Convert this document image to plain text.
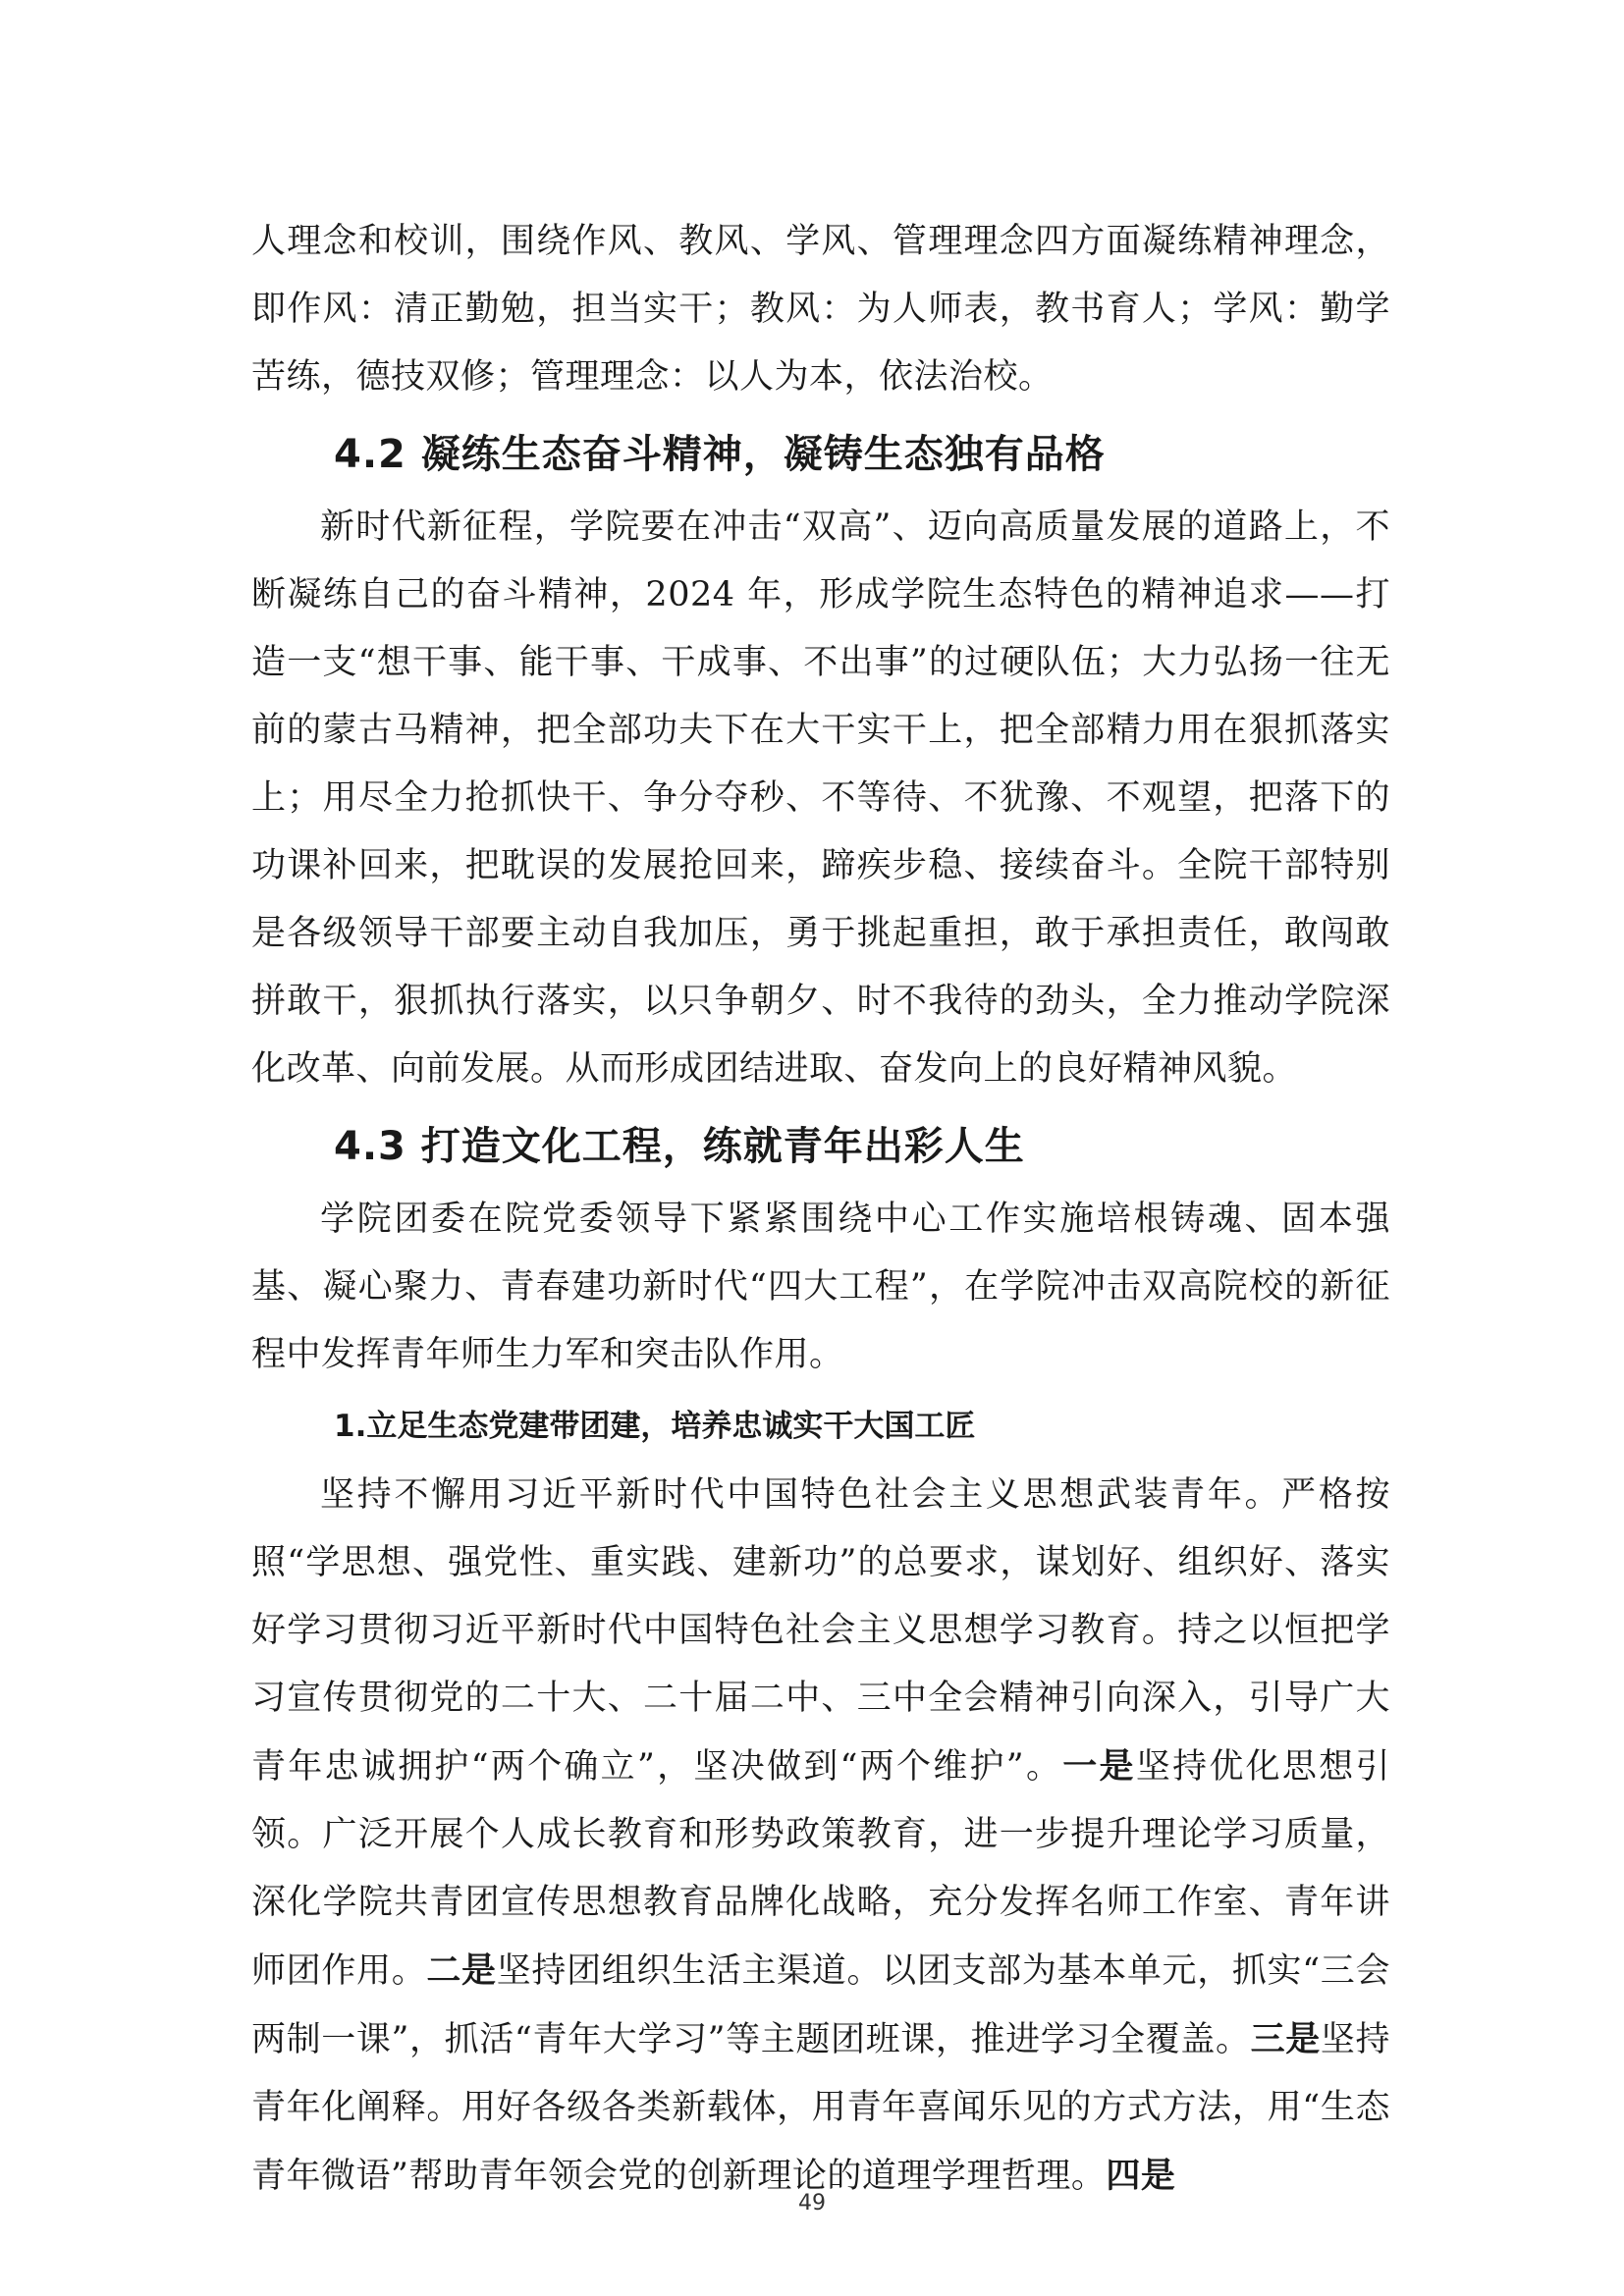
人理念和校训，围绕作风、教风、学风、管理理念四方面凝练精神理念，即作风：清正勤勉，担当实干；教风：为人师表，教书育人；学风：勤学苦练，德技双修；管理理念：以人为本，依法治校。

4.2 凝练生态奋斗精神，凝铸生态独有品格

新时代新征程，学院要在冲击“双高”、迈向高质量发展的道路上，不断凝练自己的奋斗精神，2024 年，形成学院生态特色的精神追求——打造一支“想干事、能干事、干成事、不出事”的过硬队伍；大力弘扬一往无前的蒙古马精神，把全部功夫下在大干实干上，把全部精力用在狠抓落实上；用尽全力抢抓快干、争分夺秒、不等待、不犹豫、不观望，把落下的功课补回来，把耽误的发展抢回来，蹄疾步稳、接续奋斗。全院干部特别是各级领导干部要主动自我加压，勇于挑起重担，敢于承担责任，敢闯敢拼敢干，狠抓执行落实，以只争朝夕、时不我待的劲头，全力推动学院深化改革、向前发展。从而形成团结进取、奋发向上的良好精神风貌。

4.3 打造文化工程，练就青年出彩人生

学院团委在院党委领导下紧紧围绕中心工作实施培根铸魂、固本强基、凝心聚力、青春建功新时代“四大工程”，在学院冲击双高院校的新征程中发挥青年师生力军和突击队作用。

1.立足生态党建带团建，培养忠诚实干大国工匠

坚持不懈用习近平新时代中国特色社会主义思想武装青年。严格按照“学思想、强党性、重实践、建新功”的总要求，谋划好、组织好、落实好学习贯彻习近平新时代中国特色社会主义思想学习教育。持之以恒把学习宣传贯彻党的二十大、二十届二中、三中全会精神引向深入，引导广大青年忠诚拥护“两个确立”，坚决做到“两个维护”。一是坚持优化思想引领。广泛开展个人成长教育和形势政策教育，进一步提升理论学习质量，深化学院共青团宣传思想教育品牌化战略，充分发挥名师工作室、青年讲师团作用。二是坚持团组织生活主渠道。以团支部为基本单元，抓实“三会两制一课”，抓活“青年大学习”等主题团班课，推进学习全覆盖。三是坚持青年化阐释。用好各级各类新载体，用青年喜闻乐见的方式方法，用“生态青年微语”帮助青年领会党的创新理论的道理学理哲理。四是

49
